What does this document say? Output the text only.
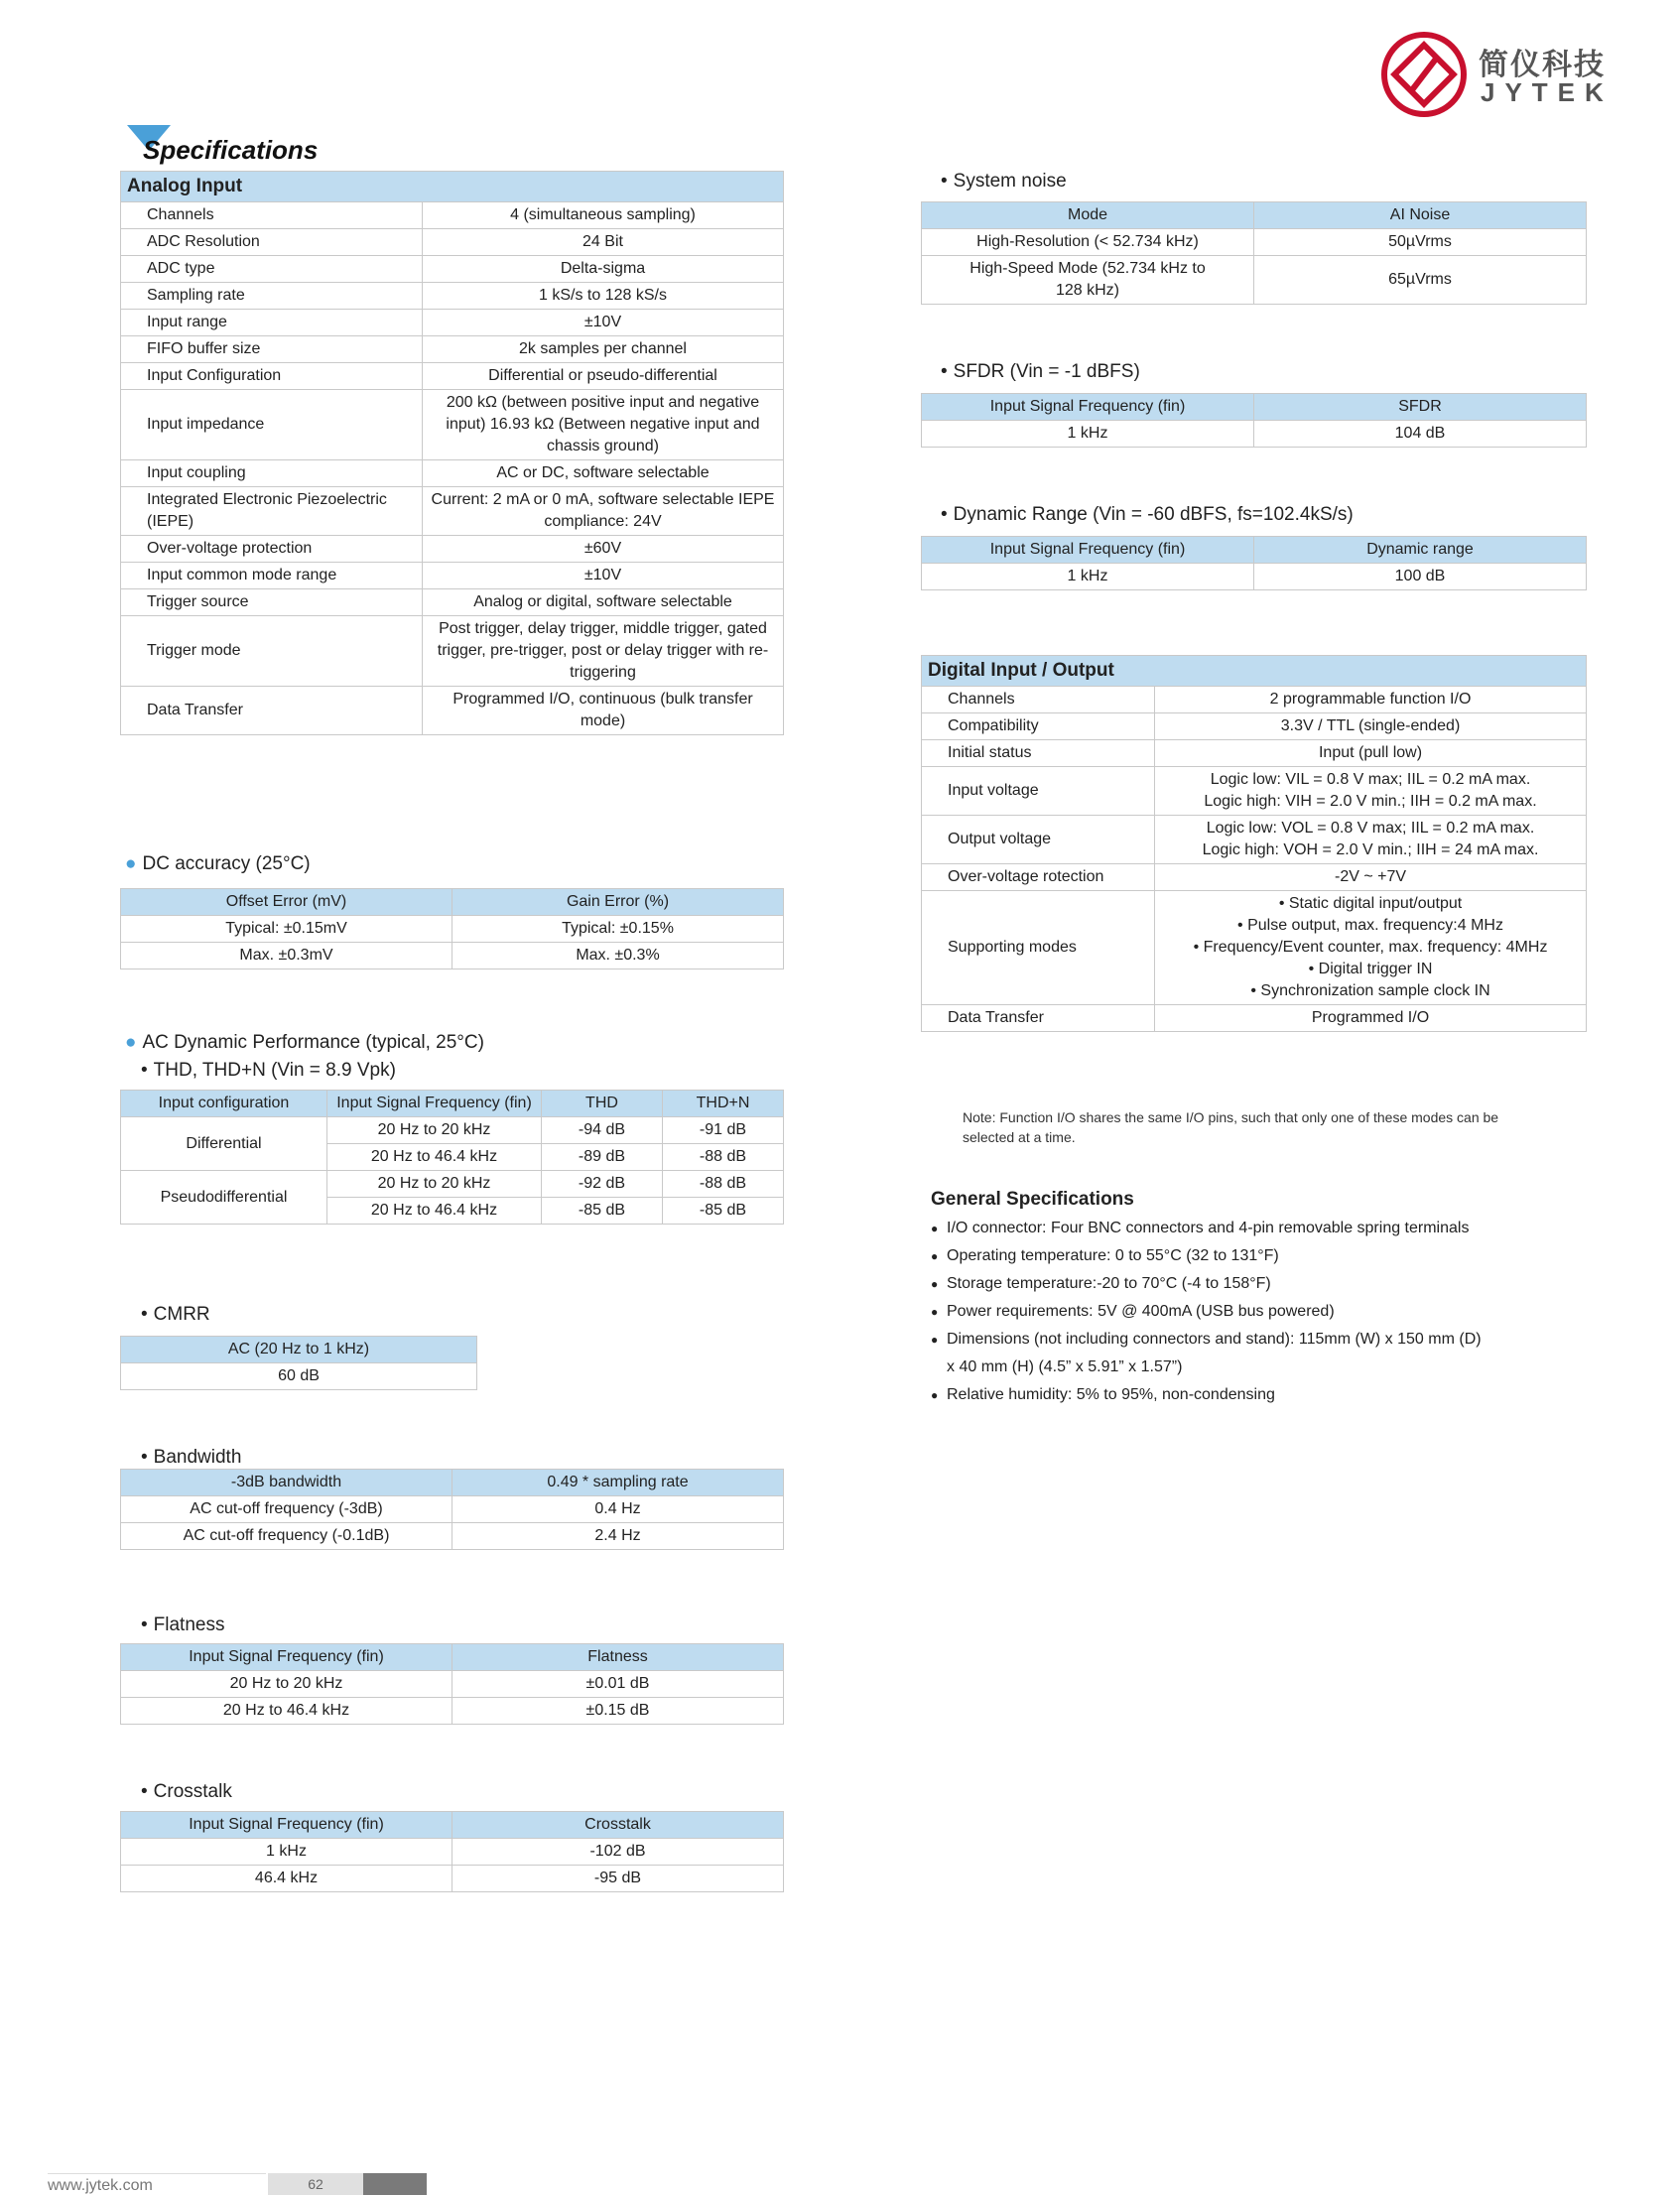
简仪科技
JYTEK
Specifications
Analog Input	
Channels	4 (simultaneous sampling)
ADC Resolution	24 Bit
ADC type	Delta-sigma
Sampling rate	1 kS/s to 128 kS/s
Input range	±10V
FIFO buffer size	2k samples per channel
Input Configuration	Differential or pseudo-differential
Input impedance	200 kΩ (between positive input and negative input) 16.93 kΩ (Between negative input and chassis ground)
Input coupling	AC or DC, software selectable
Integrated Electronic Piezoelectric (IEPE)	Current: 2 mA or 0 mA, software selectable IEPE compliance: 24V
Over-voltage protection	±60V
Input common mode range	±10V
Trigger source	Analog or digital, software selectable
Trigger mode	Post trigger, delay trigger, middle trigger, gated trigger, pre-trigger, post or delay trigger with re-triggering
Data Transfer	Programmed I/O, continuous (bulk transfer mode)
● DC accuracy (25°C)
Offset Error (mV)	Gain Error (%)
Typical: ±0.15mV	Typical: ±0.15%
Max. ±0.3mV	Max. ±0.3%
● AC Dynamic Performance (typical, 25°C)
• THD, THD+N (Vin = 8.9 Vpk)
Input configuration	Input Signal Frequency (fin)	THD	THD+N
Differential	20 Hz to 20 kHz	-94 dB	-91 dB
	20 Hz to 46.4 kHz	-89 dB	-88 dB
Pseudodifferential	20 Hz to 20 kHz	-92 dB	-88 dB
	20 Hz to 46.4 kHz	-85 dB	-85 dB
• CMRR
AC (20 Hz to 1 kHz)
60 dB
• Bandwidth
-3dB bandwidth	0.49 * sampling rate
AC cut-off frequency (-3dB)	0.4 Hz
AC cut-off frequency (-0.1dB)	2.4 Hz
• Flatness
Input Signal Frequency (fin)	Flatness
20 Hz to 20 kHz	±0.01 dB
20 Hz to 46.4 kHz	±0.15 dB
• Crosstalk
Input Signal Frequency (fin)	Crosstalk
1 kHz	-102 dB
46.4 kHz	-95 dB
• System noise
Mode	AI Noise
High-Resolution (< 52.734 kHz)	50µVrms
High-Speed Mode (52.734 kHz to 128 kHz)	65µVrms
• SFDR (Vin = -1 dBFS)
Input Signal Frequency (fin)	SFDR
1 kHz	104 dB
• Dynamic Range (Vin = -60 dBFS, fs=102.4kS/s)
Input Signal Frequency (fin)	Dynamic range
1 kHz	100 dB
Digital Input / Output	
Channels	2 programmable function I/O

Compatibility	3.3V / TTL (single-ended)

Initial status	Input (pull low)

Input voltage	Logic low: VIL = 0.8 V max; IIL = 0.2 mA max.
Logic high: VIH = 2.0 V min.; IIH = 0.2 mA max.

Output voltage	Logic low: VOL = 0.8 V max; IIL = 0.2 mA max.
Logic high: VOH = 2.0 V min.; IIH = 24 mA max.

Over-voltage rotection	-2V ~ +7V

Supporting modes	• Static digital input/output
• Pulse output, max. frequency:4 MHz
• Frequency/Event counter, max. frequency: 4MHz
• Digital trigger IN
• Synchronization sample clock IN

Data Transfer	Programmed I/O
Note: Function I/O shares the same I/O pins, such that only one of these modes can be selected at a time.
General Specifications
● I/O connector: Four BNC connectors and 4-pin removable spring terminals
● Operating temperature: 0 to 55°C (32 to 131°F)
● Storage temperature:-20 to 70°C (-4 to 158°F)
● Power requirements: 5V @ 400mA (USB bus powered)
● Dimensions (not including connectors and stand): 115mm (W) x 150 mm (D) x 40 mm (H) (4.5” x 5.91” x 1.57”)
● Relative humidity: 5% to 95%, non-condensing
www.jytek.com	62
